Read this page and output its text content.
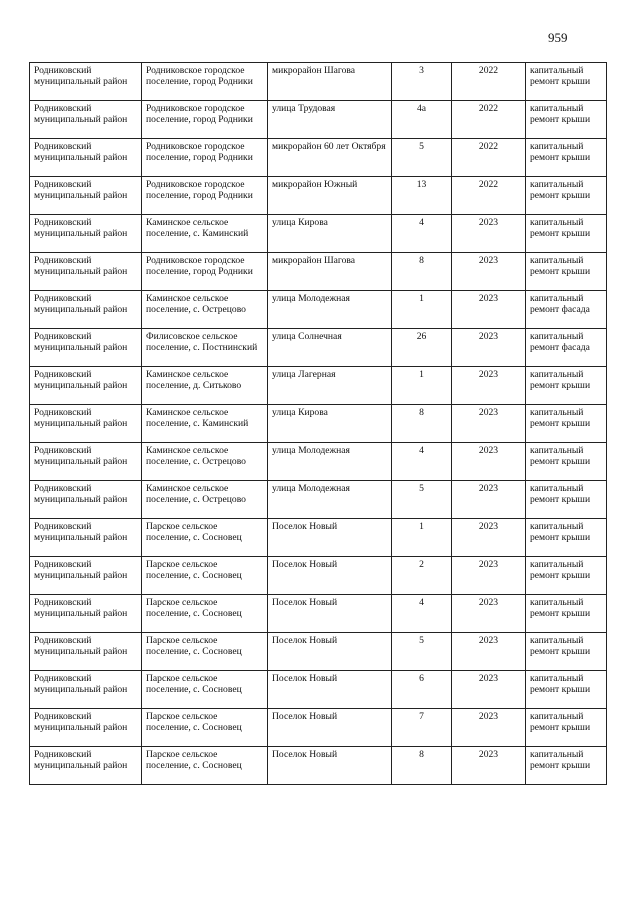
959
Родниковский муниципальный район	Родниковское городское поселение, город Родники	микрорайон Шагова	3	2022	капитальный ремонт крыши
Родниковский муниципальный район	Родниковское городское поселение, город Родники	улица Трудовая	4а	2022	капитальный ремонт крыши
Родниковский муниципальный район	Родниковское городское поселение, город Родники	микрорайон 60 лет Октября	5	2022	капитальный ремонт крыши
Родниковский муниципальный район	Родниковское городское поселение, город Родники	микрорайон Южный	13	2022	капитальный ремонт крыши
Родниковский муниципальный район	Каминское сельское поселение, с. Каминский	улица Кирова	4	2023	капитальный ремонт крыши
Родниковский муниципальный район	Родниковское городское поселение, город Родники	микрорайон Шагова	8	2023	капитальный ремонт крыши
Родниковский муниципальный район	Каминское сельское поселение, с. Острецово	улица Молодежная	1	2023	капитальный ремонт фасада
Родниковский муниципальный район	Филисовское сельское поселение, с. Постнинский	улица Солнечная	26	2023	капитальный ремонт фасада
Родниковский муниципальный район	Каминское сельское поселение, д. Ситьково	улица Лагерная	1	2023	капитальный ремонт крыши
Родниковский муниципальный район	Каминское сельское поселение, с. Каминский	улица Кирова	8	2023	капитальный ремонт крыши
Родниковский муниципальный район	Каминское сельское поселение, с. Острецово	улица Молодежная	4	2023	капитальный ремонт крыши
Родниковский муниципальный район	Каминское сельское поселение, с. Острецово	улица Молодежная	5	2023	капитальный ремонт крыши
Родниковский муниципальный район	Парское сельское поселение, с. Сосновец	Поселок Новый	1	2023	капитальный ремонт крыши
Родниковский муниципальный район	Парское сельское поселение, с. Сосновец	Поселок Новый	2	2023	капитальный ремонт крыши
Родниковский муниципальный район	Парское сельское поселение, с. Сосновец	Поселок Новый	4	2023	капитальный ремонт крыши
Родниковский муниципальный район	Парское сельское поселение, с. Сосновец	Поселок Новый	5	2023	капитальный ремонт крыши
Родниковский муниципальный район	Парское сельское поселение, с. Сосновец	Поселок Новый	6	2023	капитальный ремонт крыши
Родниковский муниципальный район	Парское сельское поселение, с. Сосновец	Поселок Новый	7	2023	капитальный ремонт крыши
Родниковский муниципальный район	Парское сельское поселение, с. Сосновец	Поселок Новый	8	2023	капитальный ремонт крыши
